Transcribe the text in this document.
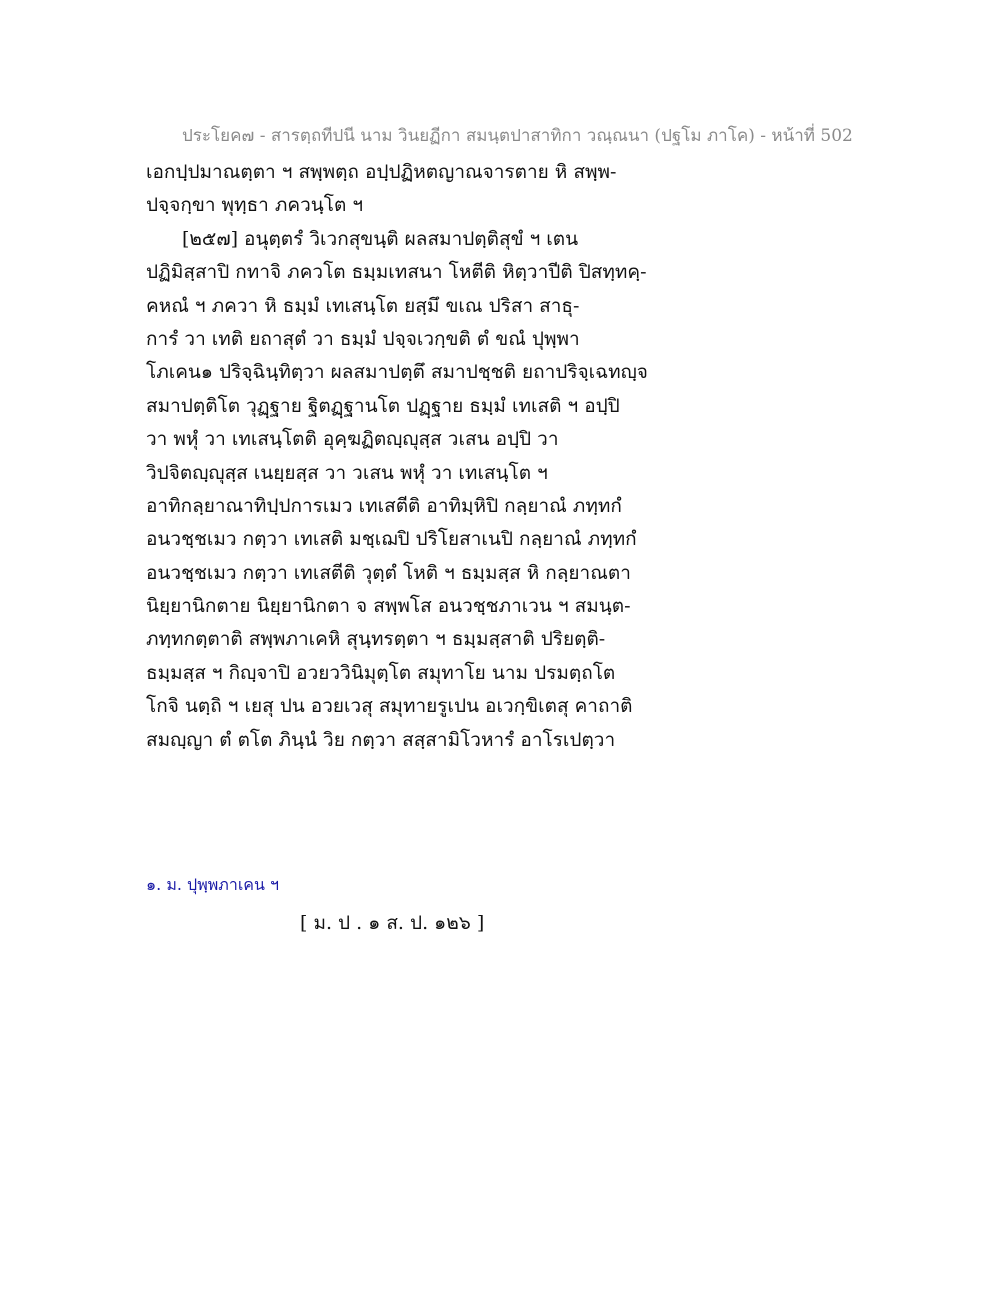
ประโยค๗ - สารตฺถทีปนี นาม วินยฏีกา สมนฺตปาสาทิกา วณฺณนา (ปฐโม ภาโค) - หน้าที่ 502
เอกปฺปมาณตฺตา ฯ สพฺพตฺถ อปฺปฏิหตญาณจารตาย หิ สพฺพ-
ปจฺจกฺขา พุทฺธา ภควนฺโต ฯ
[๒๕๗] อนุตฺตรํ วิเวกสุขนฺติ ผลสมาปตฺติสุขํ ฯ เตน
ปฏิมิสฺสาปิ กทาจิ ภควโต ธมฺมเทสนา โหตีติ หิตฺวาปีติ ปิสทฺทคฺ-
คหณํ ฯ ภควา หิ ธมฺมํ เทเสนฺโต ยสฺมึ ขเณ ปริสา สาธุ-
การํ วา เทติ ยถาสุตํ วา ธมฺมํ ปจฺจเวกฺขติ ตํ ขณํ ปุพฺพา
โภเคน๑ ปริจฺฉินฺทิตฺวา ผลสมาปตฺตึ สมาปชฺชติ ยถาปริจฺเฉทญฺจ
สมาปตฺติโต วุฏฺฐาย ฐิตฏฺฐานโต ปฏฺฐาย ธมฺมํ เทเสติ ฯ อปฺปิ
วา พหุํ วา เทเสนฺโตติ อุคฺฆฏิตญฺญุสฺส วเสน อปฺปิ วา
วิปจิตญฺญุสฺส เนยฺยสฺส วา วเสน พหุํ วา เทเสนฺโต ฯ
อาทิกลฺยาณาทิปฺปการเมว เทเสตีติ อาทิมฺหิปิ กลฺยาณํ ภทฺทกํ
อนวชฺชเมว กตฺวา เทเสติ มชฺเฌปิ ปริโยสาเนปิ กลฺยาณํ ภทฺทกํ
อนวชฺชเมว กตฺวา เทเสตีติ วุตฺตํ โหติ ฯ ธมฺมสฺส หิ กลฺยาณตา
นิยฺยานิกตาย นิยฺยานิกตา จ สพฺพโส อนวชฺชภาเวน ฯ สมนฺต-
ภทฺทกตฺตาติ สพฺพภาเคหิ สุนฺทรตฺตา ฯ ธมฺมสฺสาติ ปริยตฺติ-
ธมฺมสฺส ฯ กิญฺจาปิ อวยววินิมุตฺโต สมุทาโย นาม ปรมตฺถโต
โกจิ นตฺถิ ฯ เยสุ ปน อวยเวสุ สมุทายรูเปน อเวกฺขิเตสุ คาถาติ
สมญฺญา ตํ ตโต ภินฺนํ วิย กตฺวา สสฺสามิโวหารํ อาโรเปตฺวา
๑. ม. ปุพฺพภาเคน ฯ
[ ม. ป . ๑ ส. ป. ๑๒๖ ]
